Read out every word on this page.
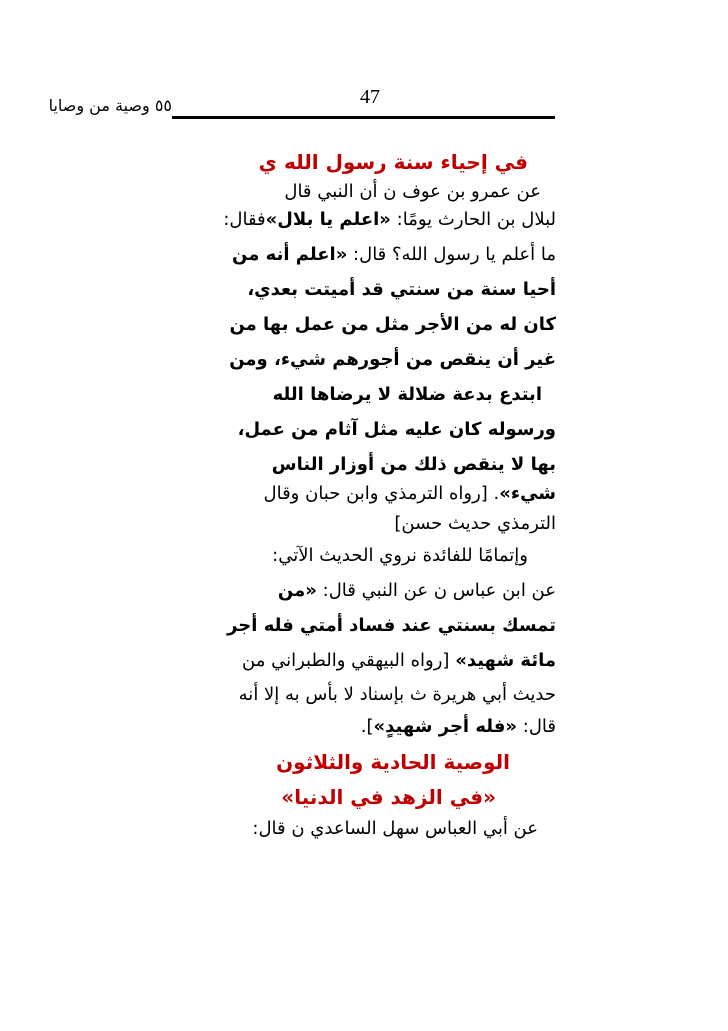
47
٥٥ وصية من وصايا
في إحياء سنة رسول الله ي
عن عمرو بن عوف ن أن النبي قال
لبلال بن الحارث يومًا: «اعلم يا بلال»فقال:
ما أعلم يا رسول الله؟ قال: «اعلم أنه من
أحيا سنة من سنتي قد أميتت بعدي،
كان له من الأجر مثل من عمل بها من
غير أن ينقص من أجورهم شيء، ومن
ابتدع بدعة ضلالة لا يرضاها الله
ورسوله كان عليه مثل آثام من عمل،
بها لا ينقص ذلك من أوزار الناس
شيء». [رواه الترمذي وابن حبان وقال
الترمذي حديث حسن]
وإتمامًا للفائدة نروي الحديث الآتي:
عن ابن عباس ن عن النبي قال: «من
تمسك بسنتي عند فساد أمتي فله أجر
مائة شهيد» [رواه البيهقي والطبراني من
حديث أبي هريرة ث بإسناد لا بأس به إلا أنه
قال: «فله أجر شهيدٍ»].
الوصية الحادية والثلاثون
«في الزهد في الدنيا»
عن أبي العباس سهل الساعدي ن قال:
